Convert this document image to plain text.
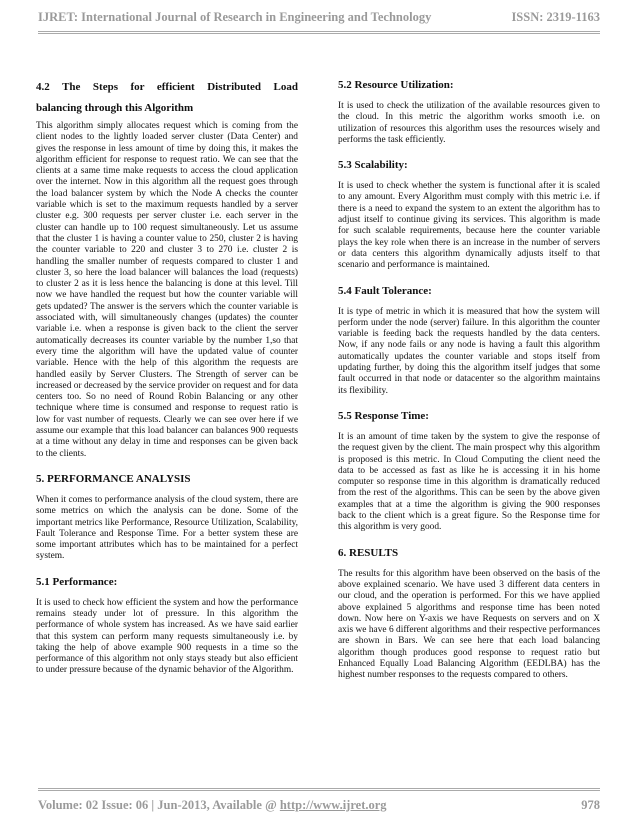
IJRET: International Journal of Research in Engineering and Technology	ISSN: 2319-1163
4.2 The Steps for efficient Distributed Load
balancing through this Algorithm

This algorithm simply allocates request which is coming from the client nodes to the lightly loaded server cluster (Data Center) and gives the response in less amount of time by doing this, it makes the algorithm efficient for response to request ratio. We can see that the clients at a same time make requests to access the cloud application over the internet. Now in this algorithm all the request goes through the load balancer system by which the Node A checks the counter variable which is set to the maximum requests handled by a server cluster e.g. 300 requests per server cluster i.e. each server in the cluster can handle up to 100 request simultaneously. Let us assume that the cluster 1 is having a counter value to 250, cluster 2 is having the counter variable to 220 and cluster 3 to 270 i.e. cluster 2 is handling the smaller number of requests compared to cluster 1 and cluster 3, so here the load balancer will balances the load (requests) to cluster 2 as it is less hence the balancing is done at this level. Till now we have handled the request but how the counter variable will gets updated? The answer is the servers which the counter variable is associated with, will simultaneously changes (updates) the counter variable i.e. when a response is given back to the client the server automatically decreases its counter variable by the number 1,so that every time the algorithm will have the updated value of counter variable. Hence with the help of this algorithm the requests are handled easily by Server Clusters. The Strength of server can be increased or decreased by the service provider on request and for data centers too. So no need of Round Robin Balancing or any other technique where time is consumed and response to request ratio is low for vast number of requests. Clearly we can see over here if we assume our example that this load balancer can balances 900 requests at a time without any delay in time and responses can be given back to the clients.

5. PERFORMANCE ANALYSIS

When it comes to performance analysis of the cloud system, there are some metrics on which the analysis can be done. Some of the important metrics like Performance, Resource Utilization, Scalability, Fault Tolerance and Response Time. For a better system these are some important attributes which has to be maintained for a perfect system.

5.1 Performance:

It is used to check how efficient the system and how the performance remains steady under lot of pressure. In this algorithm the performance of whole system has increased. As we have said earlier that this system can perform many requests simultaneously i.e. by taking the help of above example 900 requests in a time so the performance of this algorithm not only stays steady but also efficient to under pressure because of the dynamic behavior of the Algorithm.

5.2 Resource Utilization:

It is used to check the utilization of the available resources given to the cloud. In this metric the algorithm works smooth i.e. on utilization of resources this algorithm uses the resources wisely and performs the task efficiently.

5.3 Scalability:

It is used to check whether the system is functional after it is scaled to any amount. Every Algorithm must comply with this metric i.e. if there is a need to expand the system to an extent the algorithm has to adjust itself to continue giving its services. This algorithm is made for such scalable requirements, because here the counter variable plays the key role when there is an increase in the number of servers or data centers this algorithm dynamically adjusts itself to that scenario and performance is maintained.

5.4 Fault Tolerance:

It is type of metric in which it is measured that how the system will perform under the node (server) failure. In this algorithm the counter variable is feeding back the requests handled by the data centers. Now, if any node fails or any node is having a fault this algorithm automatically updates the counter variable and stops itself from updating further, by doing this the algorithm itself judges that some fault occurred in that node or datacenter so the algorithm maintains its flexibility.

5.5 Response Time:

It is an amount of time taken by the system to give the response of the request given by the client. The main prospect why this algorithm is proposed is this metric. In Cloud Computing the client need the data to be accessed as fast as like he is accessing it in his home computer so response time in this algorithm is dramatically reduced from the rest of the algorithms. This can be seen by the above given examples that at a time the algorithm is giving the 900 responses back to the client which is a great figure. So the Response time for this algorithm is very good.

6. RESULTS

The results for this algorithm have been observed on the basis of the above explained scenario. We have used 3 different data centers in our cloud, and the operation is performed. For this we have applied above explained 5 algorithms and response time has been noted down. Now here on Y-axis we have Requests on servers and on X axis we have 6 different algorithms and their respective performances are shown in Bars. We can see here that each load balancing algorithm though produces good response to request ratio but Enhanced Equally Load Balancing Algorithm (EEDLBA) has the highest number responses to the requests compared to others.

Volume: 02 Issue: 06 | Jun-2013, Available @ http://www.ijret.org	978
